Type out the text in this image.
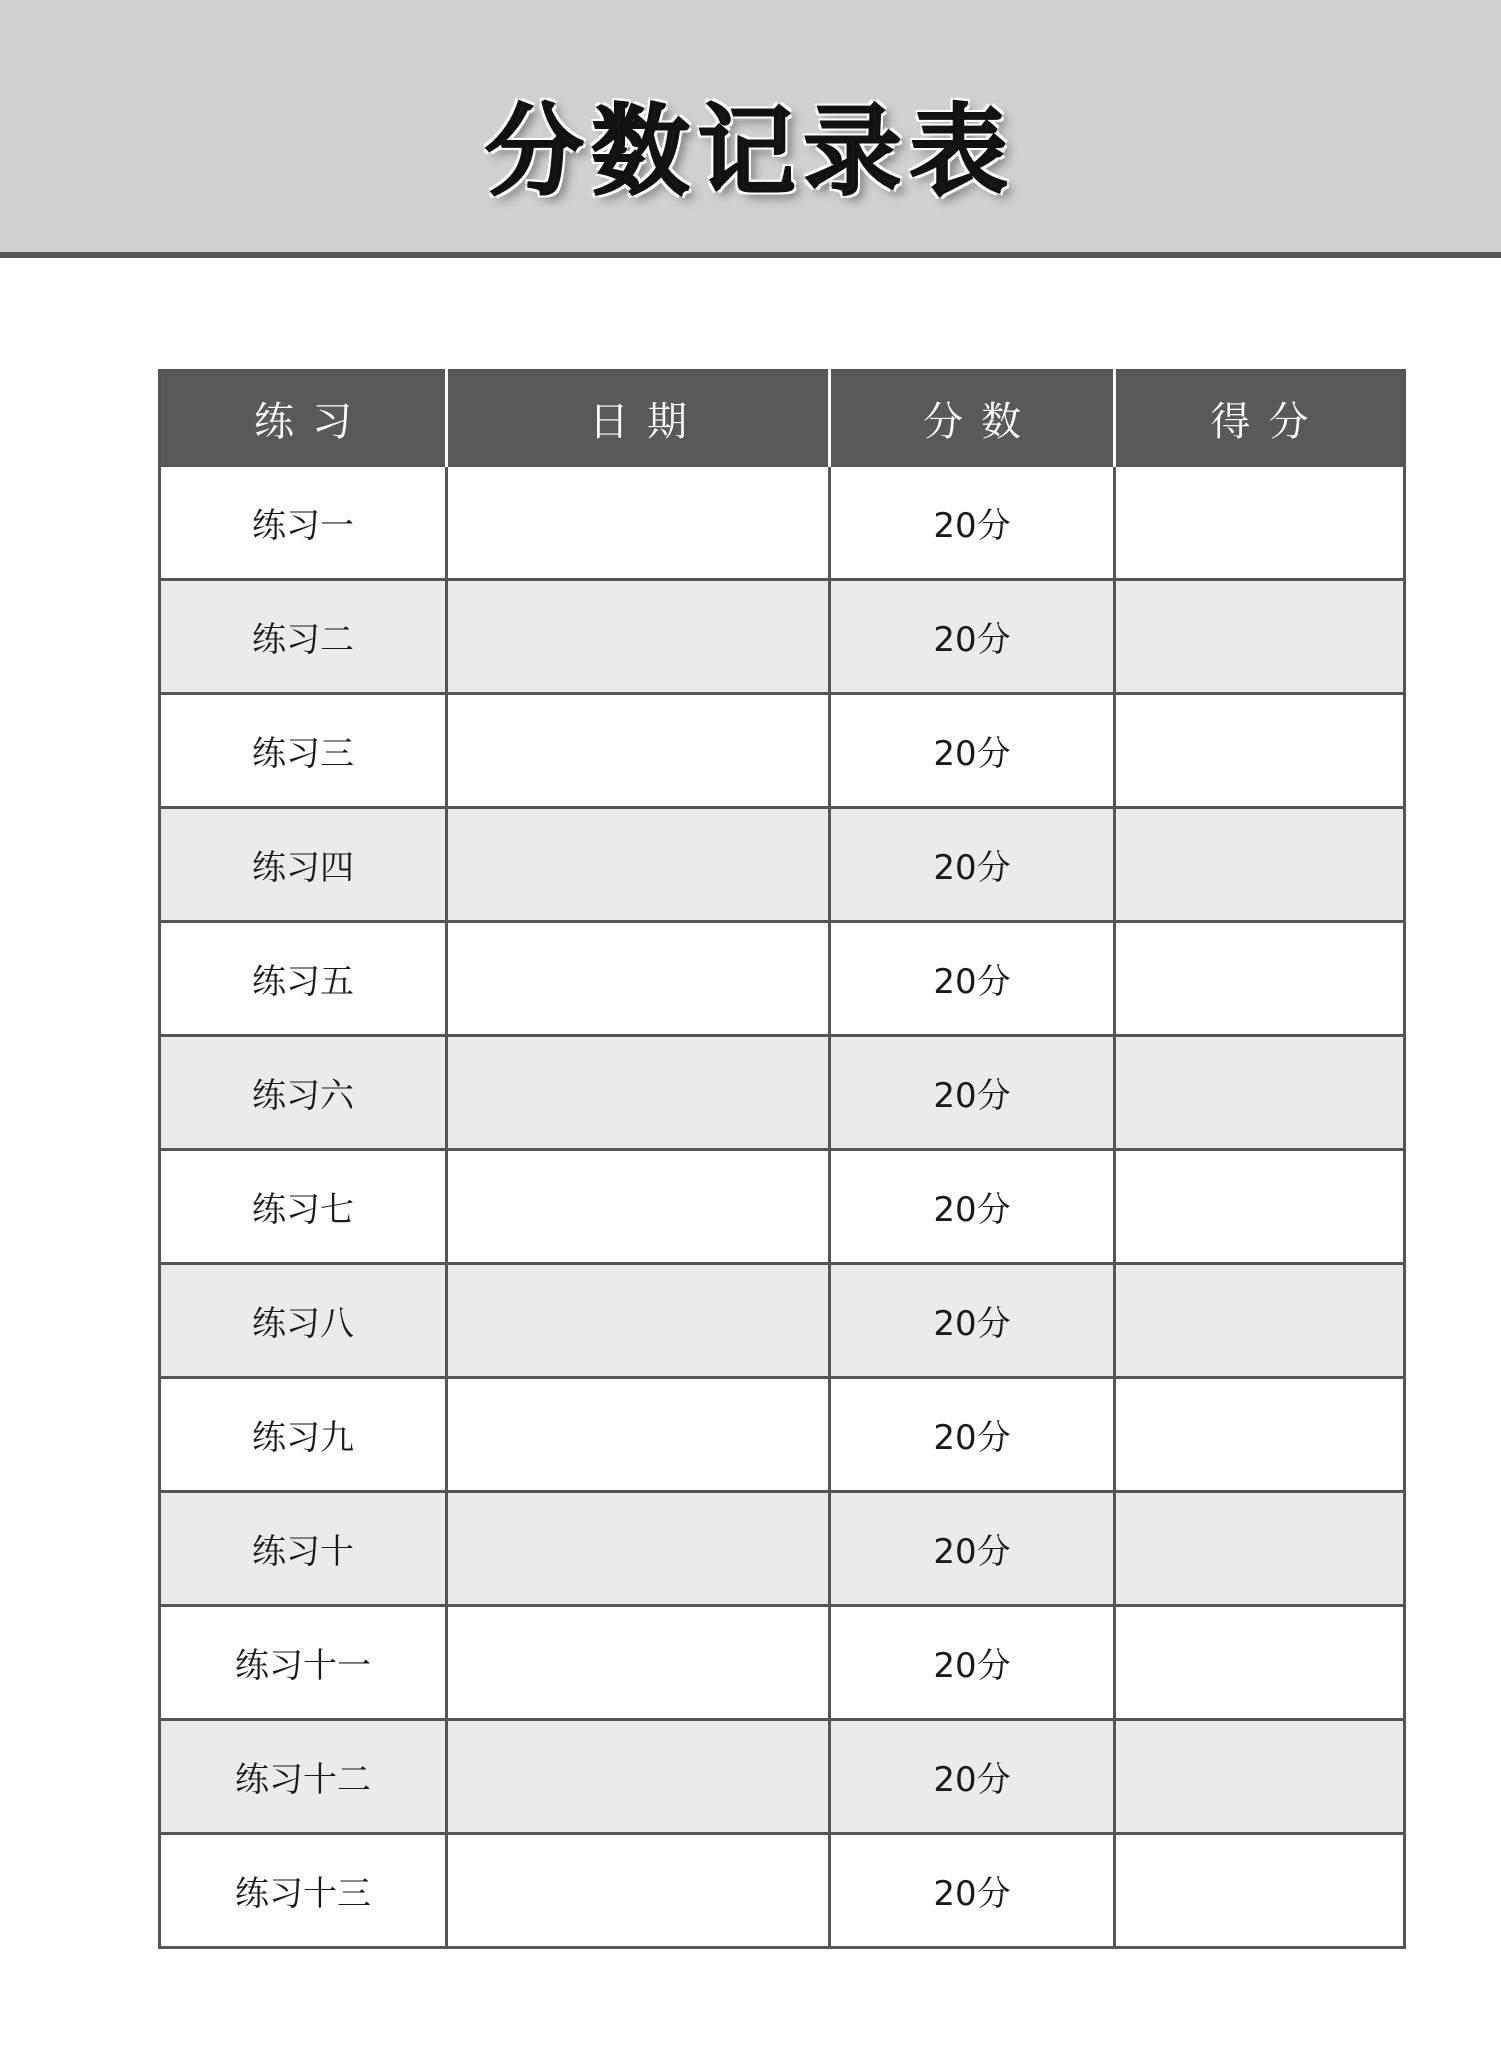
分数记录表
练习	日期	分数	得分
练习一		20分	
练习二		20分	
练习三		20分	
练习四		20分	
练习五		20分	
练习六		20分	
练习七		20分	
练习八		20分	
练习九		20分	
练习十		20分	
练习十一		20分	
练习十二		20分	
练习十三		20分	
